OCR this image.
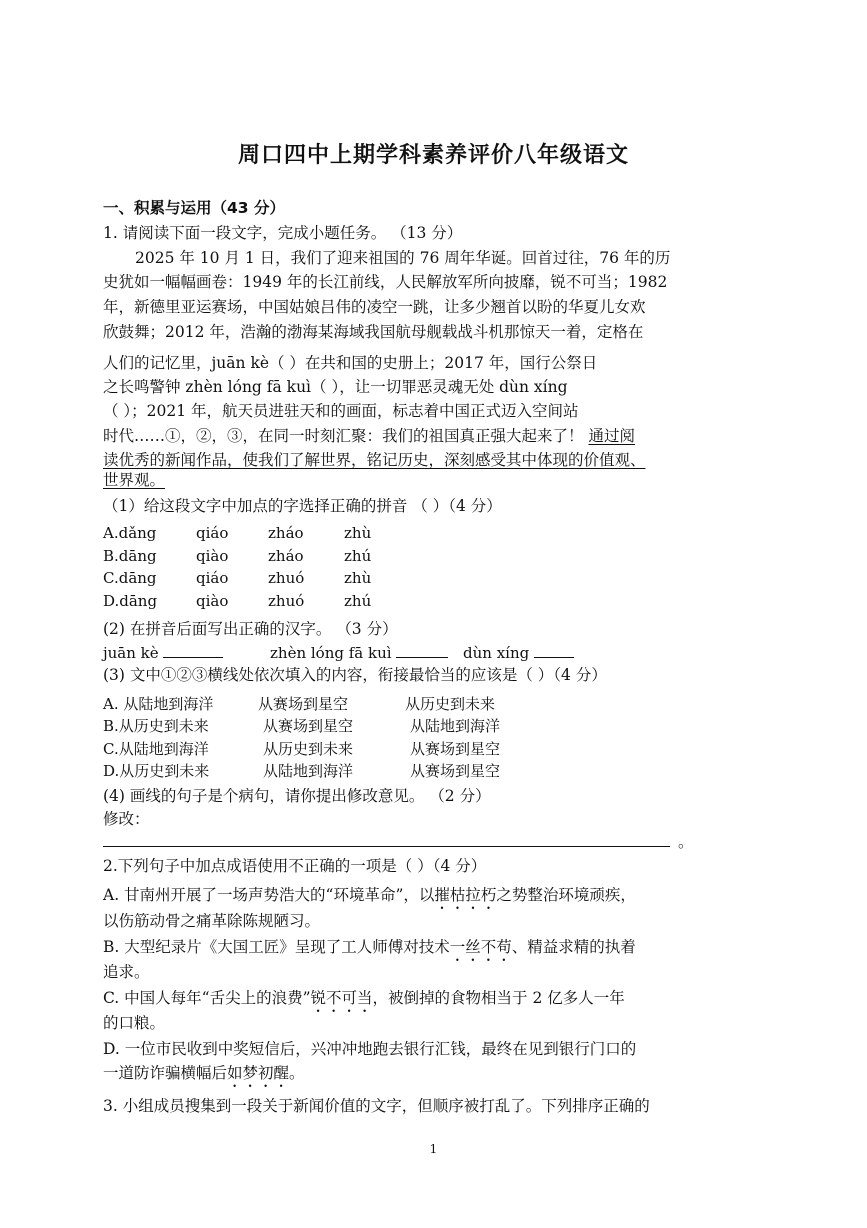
周口四中上期学科素养评价八年级语文
一、积累与运用（43 分）
1. 请阅读下面一段文字，完成小题任务。 （13 分）
2025 年 10 月 1 日，我们了迎来祖国的 76 周年华诞。回首过往，76 年的历
史犹如一幅幅画卷：1949 年的长江前线，人民解放军所向披靡，锐不可当；1982
年，新德里亚运赛场，中国姑娘吕伟的凌空一跳，让多少翘首以盼的华夏儿女欢
欣鼓舞；2012 年，浩瀚的渤海某海域我国航母舰载战斗机那惊天一着，定格在
人们的记忆里，juān kè（ ）在共和国的史册上；2017 年，国行公祭日
之长鸣警钟 zhèn lóng fā kuì（ ），让一切罪恶灵魂无处 dùn xíng
（ ）；2021 年，航天员进驻天和的画面，标志着中国正式迈入空间站
时代……①，②，③，在同一时刻汇聚：我们的祖国真正强大起来了！ 通过阅
读优秀的新闻作品，使我们了解世界，铭记历史，深刻感受其中体现的价值观、
世界观。
（1）给这段文字中加点的字选择正确的拼音 （ ）（4 分）
A.dǎng	qiáo	zháo	zhù
B.dāng	qiào	zháo	zhú
C.dāng	qiáo	zhuó	zhù
D.dāng	qiào	zhuó	zhú
(2) 在拼音后面写出正确的汉字。 （3 分）
juān kè	zhèn lóng fā kuì	dùn xíng
(3) 文中①②③横线处依次填入的内容，衔接最恰当的应该是（ ）（4 分）
A. 从陆地到海洋	从赛场到星空	从历史到未来
B.从历史到未来	从赛场到星空	从陆地到海洋
C.从陆地到海洋	从历史到未来	从赛场到星空
D.从历史到未来	从陆地到海洋	从赛场到星空
(4) 画线的句子是个病句，请你提出修改意见。 （2 分）
修改：
。
2.下列句子中加点成语使用不正确的一项是（ ）（4 分）
A. 甘南州开展了一场声势浩大的“环境革命”，以摧枯拉朽之势整治环境顽疾，
以伤筋动骨之痛革除陈规陋习。
B. 大型纪录片《大国工匠》呈现了工人师傅对技术一丝不苟、精益求精的执着
追求。
C. 中国人每年“舌尖上的浪费”锐不可当，被倒掉的食物相当于 2 亿多人一年
的口粮。
D. 一位市民收到中奖短信后，兴冲冲地跑去银行汇钱，最终在见到银行门口的
一道防诈骗横幅后如梦初醒。
3. 小组成员搜集到一段关于新闻价值的文字，但顺序被打乱了。下列排序正确的
1
